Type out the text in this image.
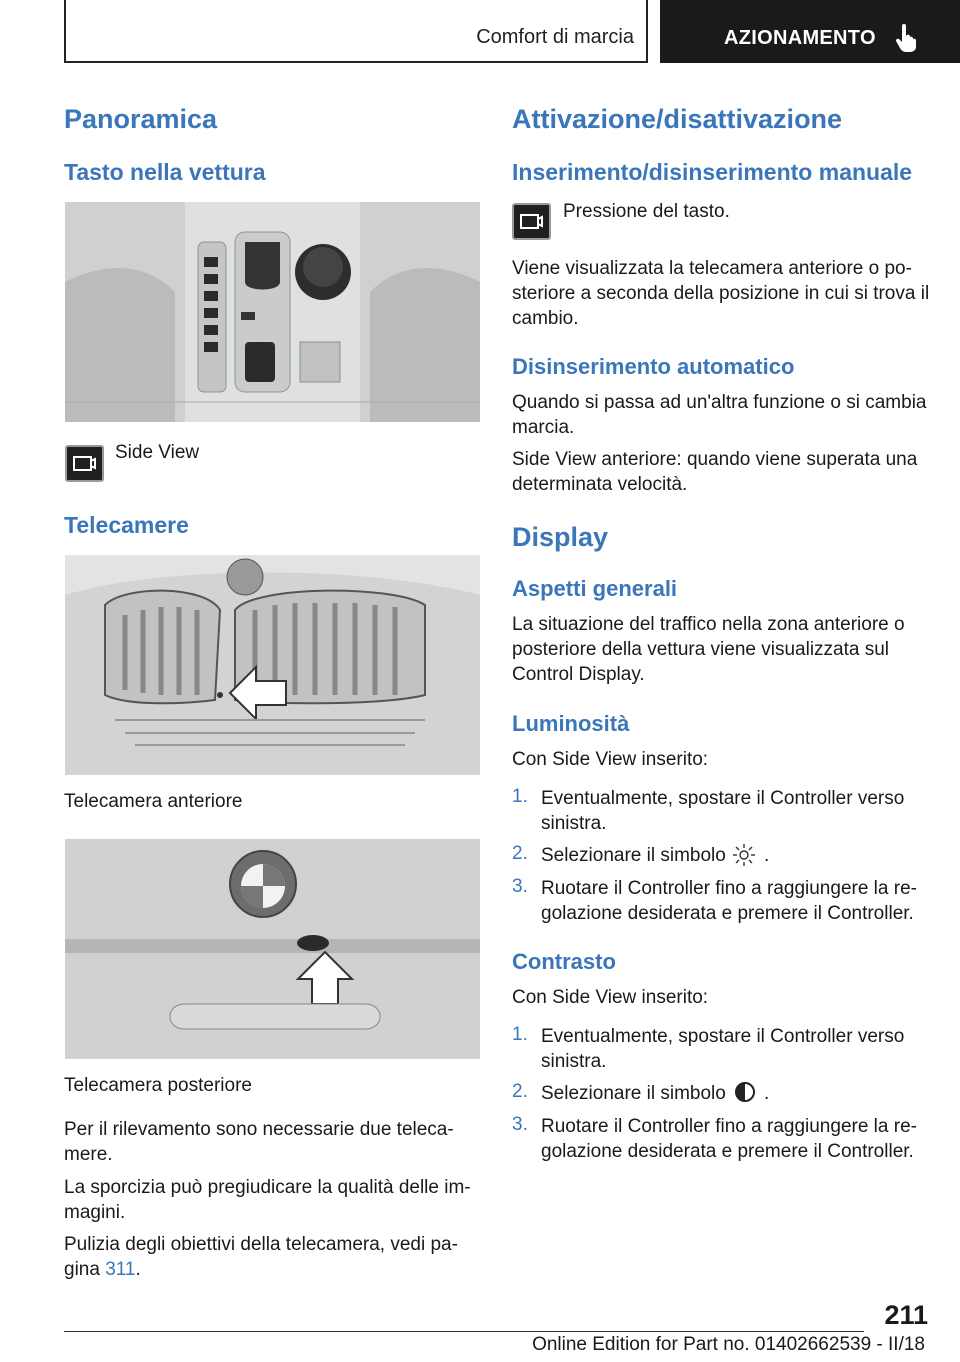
Comfort di marcia	AZIONAMENTO
Panoramica
Tasto nella vettura
Side View
Telecamere
Telecamera anteriore
Telecamera posteriore
Per il rilevamento sono necessarie due teleca-
mere.
La sporcizia può pregiudicare la qualità delle im-
magini.
Pulizia degli obiettivi della telecamera, vedi pa-
gina 311.
Attivazione/disattivazione
Inserimento/disinserimento manuale
Pressione del tasto.
Viene visualizzata la telecamera anteriore o po-
steriore a seconda della posizione in cui si trova il
cambio.
Disinserimento automatico
Quando si passa ad un'altra funzione o si cambia
marcia.
Side View anteriore: quando viene superata una
determinata velocità.
Display
Aspetti generali
La situazione del traffico nella zona anteriore o
posteriore della vettura viene visualizzata sul
Control Display.
Luminosità
Con Side View inserito:
1. Eventualmente, spostare il Controller verso
sinistra.
2. Selezionare il simbolo .
3. Ruotare il Controller fino a raggiungere la re-
golazione desiderata e premere il Controller.
Contrasto
Con Side View inserito:
1. Eventualmente, spostare il Controller verso
sinistra.
2. Selezionare il simbolo .
3. Ruotare il Controller fino a raggiungere la re-
golazione desiderata e premere il Controller.
211
Online Edition for Part no. 01402662539 - II/18
